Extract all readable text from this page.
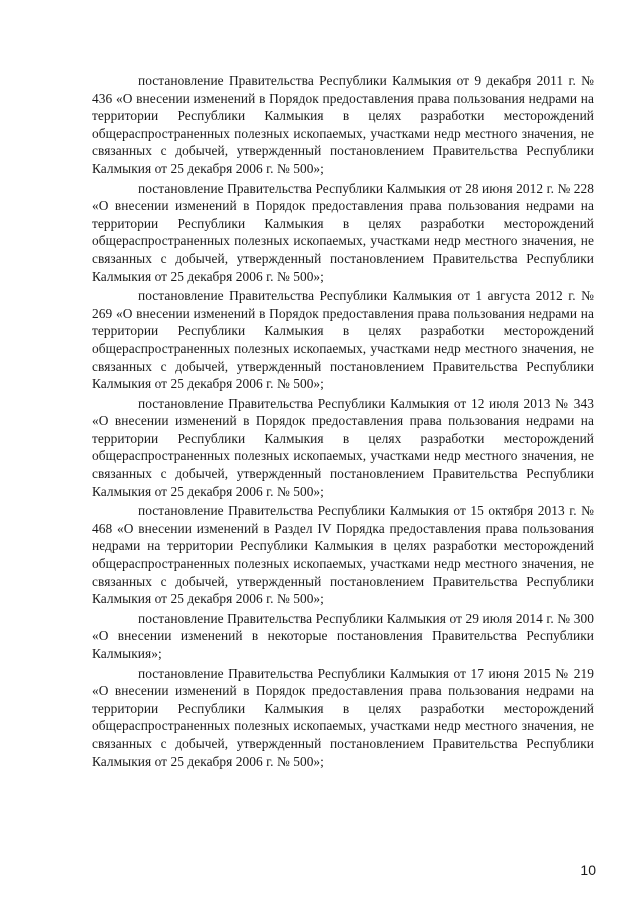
постановление Правительства Республики Калмыкия от 9 декабря 2011 г. № 436 «О внесении изменений в Порядок предоставления права пользования недрами на территории Республики Калмыкия в целях разработки месторождений общераспространенных полезных ископаемых, участками недр местного значения, не связанных с добычей, утвержденный постановлением Правительства Республики Калмыкия от 25 декабря 2006 г. № 500»;

постановление Правительства Республики Калмыкия от 28 июня 2012 г. № 228 «О внесении изменений в Порядок предоставления права пользования недрами на территории Республики Калмыкия в целях разработки месторождений общераспространенных полезных ископаемых, участками недр местного значения, не связанных с добычей, утвержденный постановлением Правительства Республики Калмыкия от 25 декабря 2006 г. № 500»;

постановление Правительства Республики Калмыкия от 1 августа 2012 г. № 269 «О внесении изменений в Порядок предоставления права пользования недрами на территории Республики Калмыкия в целях разработки месторождений общераспространенных полезных ископаемых, участками недр местного значения, не связанных с добычей, утвержденный постановлением Правительства Республики Калмыкия от 25 декабря 2006 г. № 500»;

постановление Правительства Республики Калмыкия от 12 июля 2013 № 343 «О внесении изменений в Порядок предоставления права пользования недрами на территории Республики Калмыкия в целях разработки месторождений общераспространенных полезных ископаемых, участками недр местного значения, не связанных с добычей, утвержденный постановлением Правительства Республики Калмыкия от 25 декабря 2006 г. № 500»;

постановление Правительства Республики Калмыкия от 15 октября 2013 г. № 468 «О внесении изменений в Раздел IV Порядка предоставления права пользования недрами на территории Республики Калмыкия в целях разработки месторождений общераспространенных полезных ископаемых, участками недр местного значения, не связанных с добычей, утвержденный постановлением Правительства Республики Калмыкия от 25 декабря 2006 г. № 500»;

постановление Правительства Республики Калмыкия от 29 июля 2014 г. № 300 «О внесении изменений в некоторые постановления Правительства Республики Калмыкия»;

постановление Правительства Республики Калмыкия от 17 июня 2015 № 219 «О внесении изменений в Порядок предоставления права пользования недрами на территории Республики Калмыкия в целях разработки месторождений общераспространенных полезных ископаемых, участками недр местного значения, не связанных с добычей, утвержденный постановлением Правительства Республики Калмыкия от 25 декабря 2006 г. № 500»;

10
